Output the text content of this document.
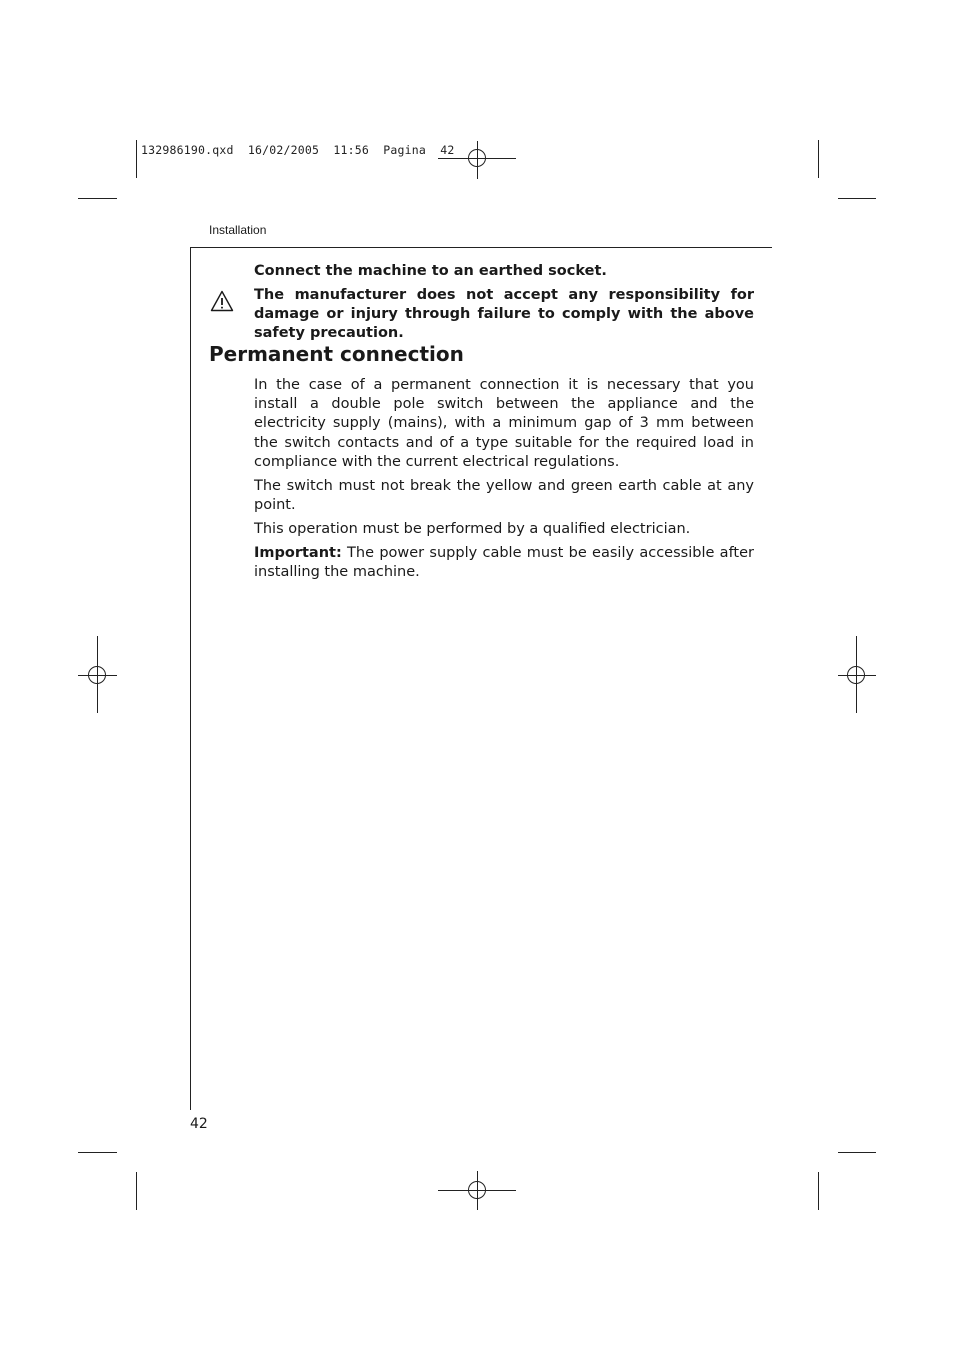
132986190.qxd 16/02/2005 11:56 Pagina 42
Installation
Connect the machine to an earthed socket.
The manufacturer does not accept any responsibility for damage or injury through failure to comply with the above safety precaution.
Permanent connection

In the case of a permanent connection it is necessary that you install a double pole switch between the appliance and the electricity supply (mains), with a minimum gap of 3 mm between the switch contacts and of a type suitable for the required load in compliance with the current electrical regulations.

The switch must not break the yellow and green earth cable at any point.

This operation must be performed by a qualified electrician.

Important: The power supply cable must be easily accessible after installing the machine.

42
